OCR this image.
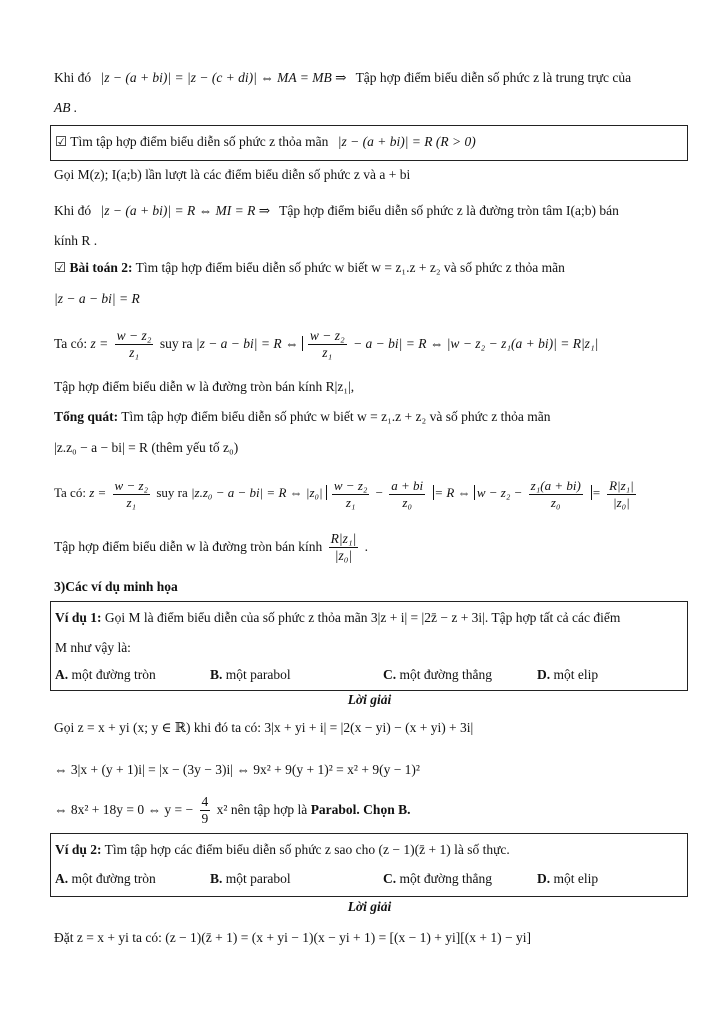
Khi đó |z − (a + bi)| = |z − (c + di)| ⇔ MA = MB ⇒ Tập hợp điểm biểu diễn số phức z là trung trực của
AB .
☑ Tìm tập hợp điểm biểu diễn số phức z thỏa mãn |z − (a + bi)| = R (R > 0)
Gọi M(z); I(a;b) lần lượt là các điểm biểu diễn số phức z và a + bi
Khi đó |z − (a + bi)| = R ⇔ MI = R ⇒ Tập hợp điểm biểu diễn số phức z là đường tròn tâm I(a;b) bán
kính R .
☑ Bài toán 2: Tìm tập hợp điểm biểu diễn số phức w biết w = z₁.z + z₂ và số phức z thỏa mãn
|z − a − bi| = R
Ta có: $z = \frac{\text{w − z₂}}{\text{z₁}}$ suy ra |z − a − bi| = R ⇔ $\frac{\text{w − z₂}}{\text{z₁}} - a - bi| = R$ ⇔ |w − z₂ − z₁(a + bi)| = R|z₁|
Tập hợp điểm biểu diễn w là đường tròn bán kính R|z₁|,
Tổng quát: Tìm tập hợp điểm biểu diễn số phức w biết w = z₁.z + z₂ và số phức z thỏa mãn
|z.z₀ − a − bi| = R (thêm yếu tố z₀)
Ta có: $z = \frac{\text{w − z₂}}{\text{z₁}}$ suy ra |z.z₀ − a − bi| = R ⇔ $|z_0| \frac{\text{w − z₂}}{\text{z₁}} - \frac{a + bi}{\text{z₀}} = R$ ⇔ $w - z_2 - \frac{\text{z₁(a + bi)}}{\text{z₀}} = \frac{\text{R|z₁|}}{\text{|z₀|}}$
Tập hợp điểm biểu diễn w là đường tròn bán kính $\frac{\text{R|z₁|}}{\text{|z₀|}}$ .
3)Các ví dụ minh họa
Ví dụ 1: Gọi M là điểm biểu diễn của số phức z thỏa mãn 3|z + i| = |2z̄ − z + 3i|. Tập hợp tất cả các điểm
M như vậy là:
A. một đường tròn	B. một parabol	C. một đường thẳng	D. một elip
Lời giải
Gọi z = x + yi (x; y ∈ ℝ) khi đó ta có: 3|x + yi + i| = |2(x − yi) − (x + yi) + 3i|
⇔ 3|x + (y + 1)i| = |x − (3y − 3)i| ⇔ 9x² + 9(y + 1)² = x² + 9(y − 1)²
⇔ 8x² + 18y = 0 ⇔ y = − $\frac{4}{9} x^2$ nên tập hợp là Parabol. Chọn B.
Ví dụ 2: Tìm tập hợp các điểm biểu diễn số phức z sao cho (z − 1)(z̄ + 1) là số thực.
A. một đường tròn	B. một parabol	C. một đường thẳng	D. một elip
Lời giải
Đặt z = x + yi ta có: (z − 1)(z̄ + 1) = (x + yi − 1)(x − yi + 1) = [(x − 1) + yi][(x + 1) − yi]
